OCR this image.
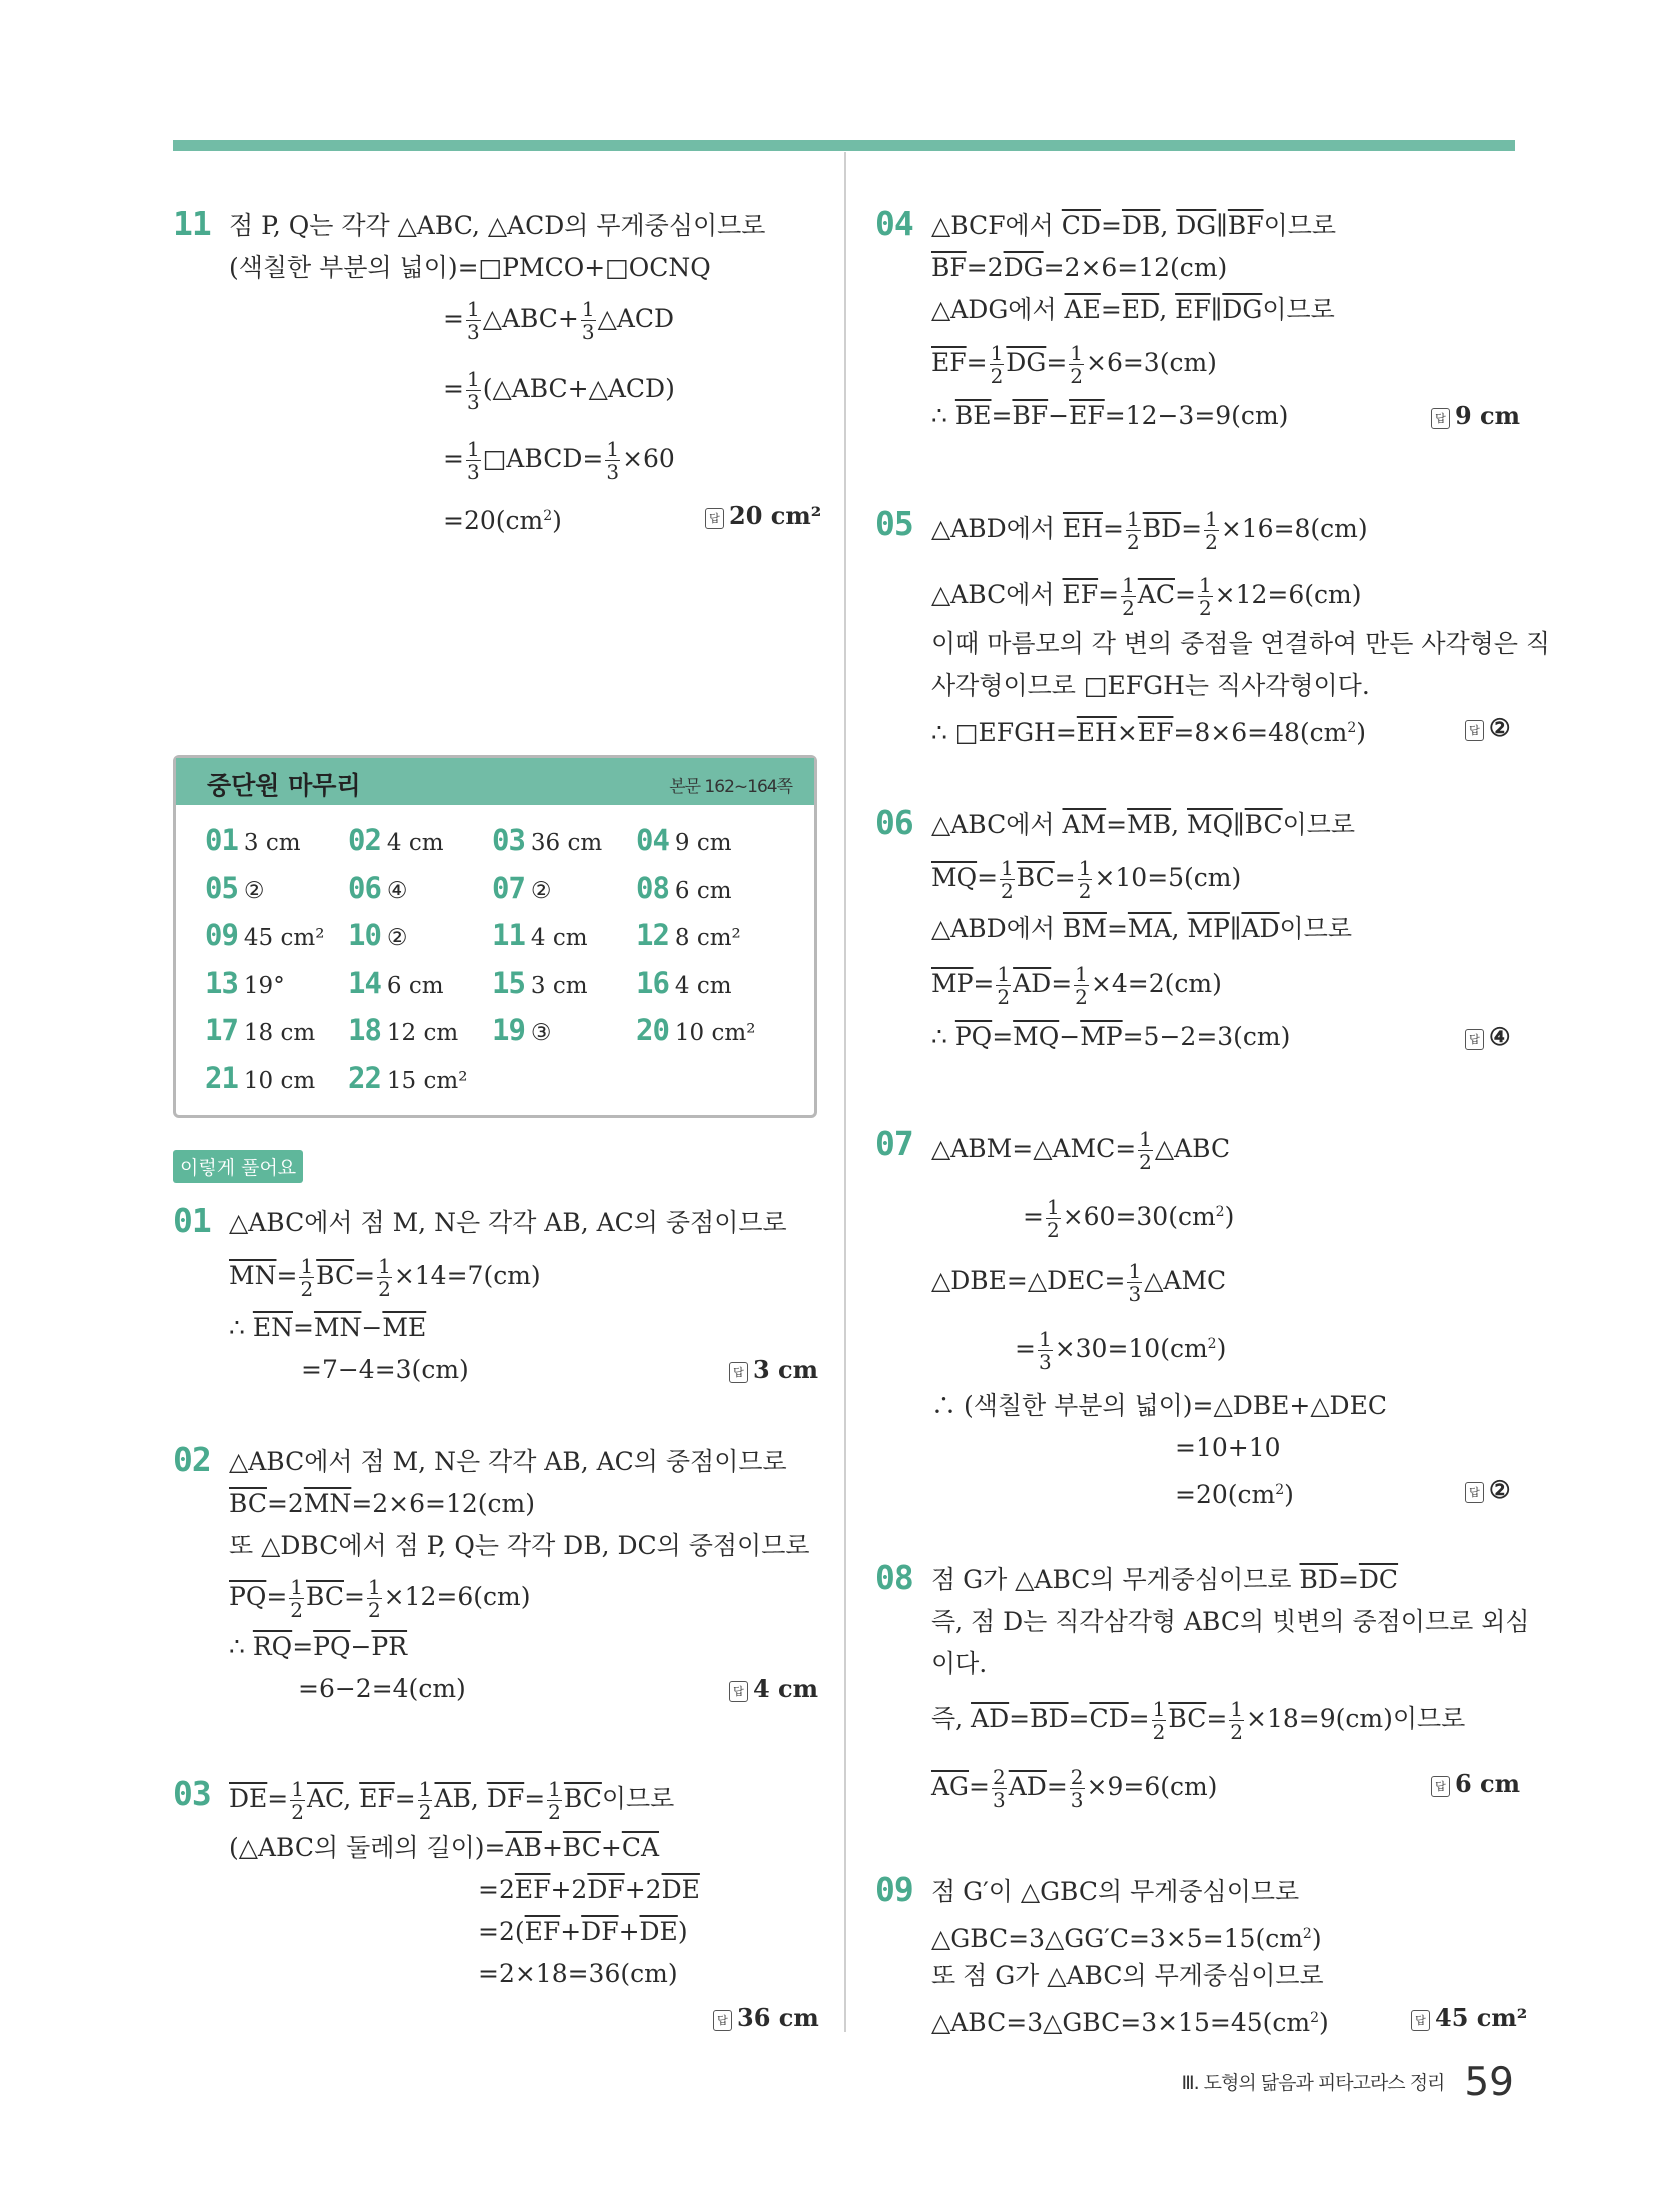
11 점 P, Q는 각각 △ABC, △ACD의 무게중심이므로
(색칠한 부분의 넓이)=□PMCO+□OCNQ
= $\frac{1}{3}$ △ABC+ $\frac{1}{3}$ △ACD
= $\frac{1}{3}$ (△ABC+△ACD)
= $\frac{1}{3}$ □ABCD= $\frac{1}{3} \times 60$
$=20(cm^2)$	답 20 cm²
중단원 마무리	본문 162~164쪽
01 3 cm 02 4 cm 03 36 cm 04 9 cm
05 ②	06 ④	07 ②	08 6 cm
09 45 cm² 10 ②	11 4 cm 12 8 cm²
13 19° 14 6 cm 15 3 cm 16 4 cm
17 18 cm 18 12 cm 19 ③	20 10 cm²
21 10 cm 22 15 cm²
이렇게 풀어요
01 △ABC에서 점 M, N은 각각 AB, AC의 중점이므로
$\overline{MN}= \frac{1}{2} \overline{BC}= \frac{1}{2} \times 14=7(cm)$
∴ $\overline{EN}=\overline{MN}-\overline{ME}$
=7−4=3(cm)	답 3 cm
02 △ABC에서 점 M, N은 각각 AB, AC의 중점이므로
$\overline{BC}=2\overline{MN}=2\times 6=12(cm)$
또 △DBC에서 점 P, Q는 각각 DB, DC의 중점이므로
$\overline{PQ}= \frac{1}{2} \overline{BC}= \frac{1}{2} \times 12=6(cm)$
∴ $\overline{RQ}=\overline{PQ}-\overline{PR}$
=6−2=4(cm)	답 4 cm
03 $\overline{DE}= \frac{1}{2} \overline{AC}$, $\overline{EF}= \frac{1}{2} \overline{AB}$, $\overline{DF}= \frac{1}{2} \overline{BC}$이므로
(△ABC의 둘레의 길이)$=\overline{AB}+\overline{BC}+\overline{CA}$
$=2\overline{EF}+2\overline{DF}+2\overline{DE}$
$=2(\overline{EF}+\overline{DF}+\overline{DE})$
=2×18=36(cm)
답 36 cm
04 △BCF에서 $\overline{CD}=\overline{DB}$, $\overline{DG}\parallel\overline{BF}$이므로
$\overline{BF}=2\overline{DG}=2\times 6=12(cm)$
△ADG에서 $\overline{AE}=\overline{ED}$, $\overline{EF}\parallel\overline{DG}$이므로
$\overline{EF}= \frac{1}{2} \overline{DG}= \frac{1}{2} \times 6=3(cm)$
∴ $\overline{BE}=\overline{BF}-\overline{EF}=12-3=9(cm)$	답 9 cm
05 △ABD에서 $\overline{EH}= \frac{1}{2} \overline{BD}= \frac{1}{2} \times 16=8(cm)$
△ABC에서 $\overline{EF}= \frac{1}{2} \overline{AC}= \frac{1}{2} \times 12=6(cm)$
이때 마름모의 각 변의 중점을 연결하여 만든 사각형은 직
사각형이므로 □EFGH는 직사각형이다.
∴ $□EFGH=\overline{EH}\times\overline{EF}=8\times 6=48(cm^2)$	답 ②
06 △ABC에서 $\overline{AM}=\overline{MB}$, $\overline{MQ}\parallel\overline{BC}$이므로
$\overline{MQ}= \frac{1}{2} \overline{BC}= \frac{1}{2} \times 10=5(cm)$
△ABD에서 $\overline{BM}=\overline{MA}$, $\overline{MP}\parallel\overline{AD}$이므로
$\overline{MP}= \frac{1}{2} \overline{AD}= \frac{1}{2} \times 4=2(cm)$
∴ $\overline{PQ}=\overline{MQ}-\overline{MP}=5-2=3(cm)$	답 ④
07 △ABM=△AMC= $\frac{1}{2}$ △ABC
= $\frac{1}{2} \times 60=30(cm^2)$
△DBE=△DEC= $\frac{1}{3}$ △AMC
= $\frac{1}{3} \times 30=10(cm^2)$
∴ (색칠한 부분의 넓이)=△DBE+△DEC
=10+10
$=20(cm^2)$	답 ②
08 점 G가 △ABC의 무게중심이므로 $\overline{BD}=\overline{DC}$
즉, 점 D는 직각삼각형 ABC의 빗변의 중점이므로 외심
이다.
즉, $\overline{AD}=\overline{BD}=\overline{CD}= \frac{1}{2} \overline{BC}= \frac{1}{2} \times 18=9(cm)$이므로
$\overline{AG}= \frac{2}{3} \overline{AD}= \frac{2}{3} \times 9=6(cm)$	답 6 cm
09 점 G′이 △GBC의 무게중심이므로
$\triangle GBC=3\triangle GG'C=3\times 5=15(cm^2)$
또 점 G가 △ABC의 무게중심이므로
$\triangle ABC=3\triangle GBC=3\times 15=45(cm^2)$	답 45 cm²
$^{Ⅲ. 도형의 닮음과 피타고라스 정리}$ 59
